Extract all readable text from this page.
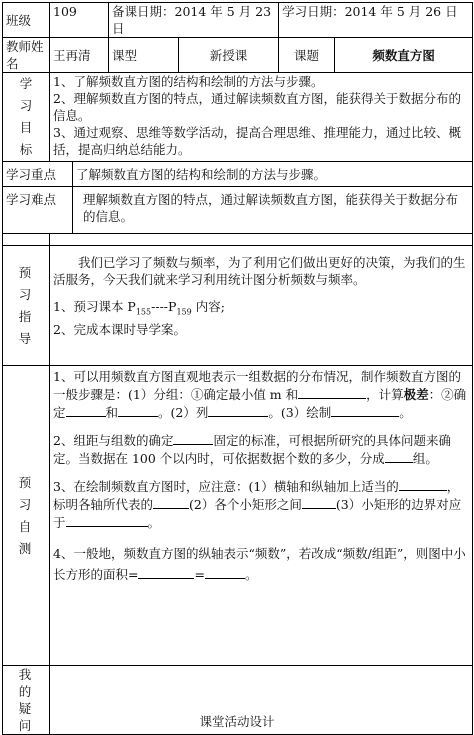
班级	109		备课日期：2014 年 5 月 23 日		学习日期：2014 年 5 月 26 日	
教师姓名	王再清		课型	新授课	课题	频数直方图
学习目标	1、了解频数直方图的结构和绘制的方法与步骤。

2、理解频数直方图的特点，通过解读频数直方图，能获得关于数据分布的信息。

3、通过观察、思维等数学活动，提高合理思维、推理能力，通过比较、概括，提高归纳总结能力。					

学习重点		了解频数直方图的结构和绘制的方法与步骤。				
学习难点		理解频数直方图的特点，通过解读频数直方图，能获得关于数据分布的信息。				

预 习 指 导	我们已学习了频数与频率，为了利用它们做出更好的决策，为我们的生活服务，今天我们就来学习利用统计图分析频数与频率。

1、预习课本 $P_{155}----P_{159}$ 内容;

2、完成本课时导学案。					

预 习 自 测	1、可以用频数直方图直观地表示一组数据的分布情况，制作频数直方图的一般步骤是：(1）分组：①确定最小值 m 和 ，计算极差：②确定 和 。(2）列 。(3）绘制 。

2、组距与组数的确定 固定的标准，可根据所研究的具体问题来确定。当数据在 100 个以内时，可依据数据个数的多少，分成 组。

3、在绘制频数直方图时，应注意：(1）横轴和纵轴加上适当的 ，标明各轴所代表的 (2）各个小矩形之间 (3）小矩形的边界对应于 。

4、一般地，频数直方图的纵轴表示“频数”，若改成“频数/组距”，则图中小长方形的面积= = 。					

我 的 疑 问							课堂活动设计
